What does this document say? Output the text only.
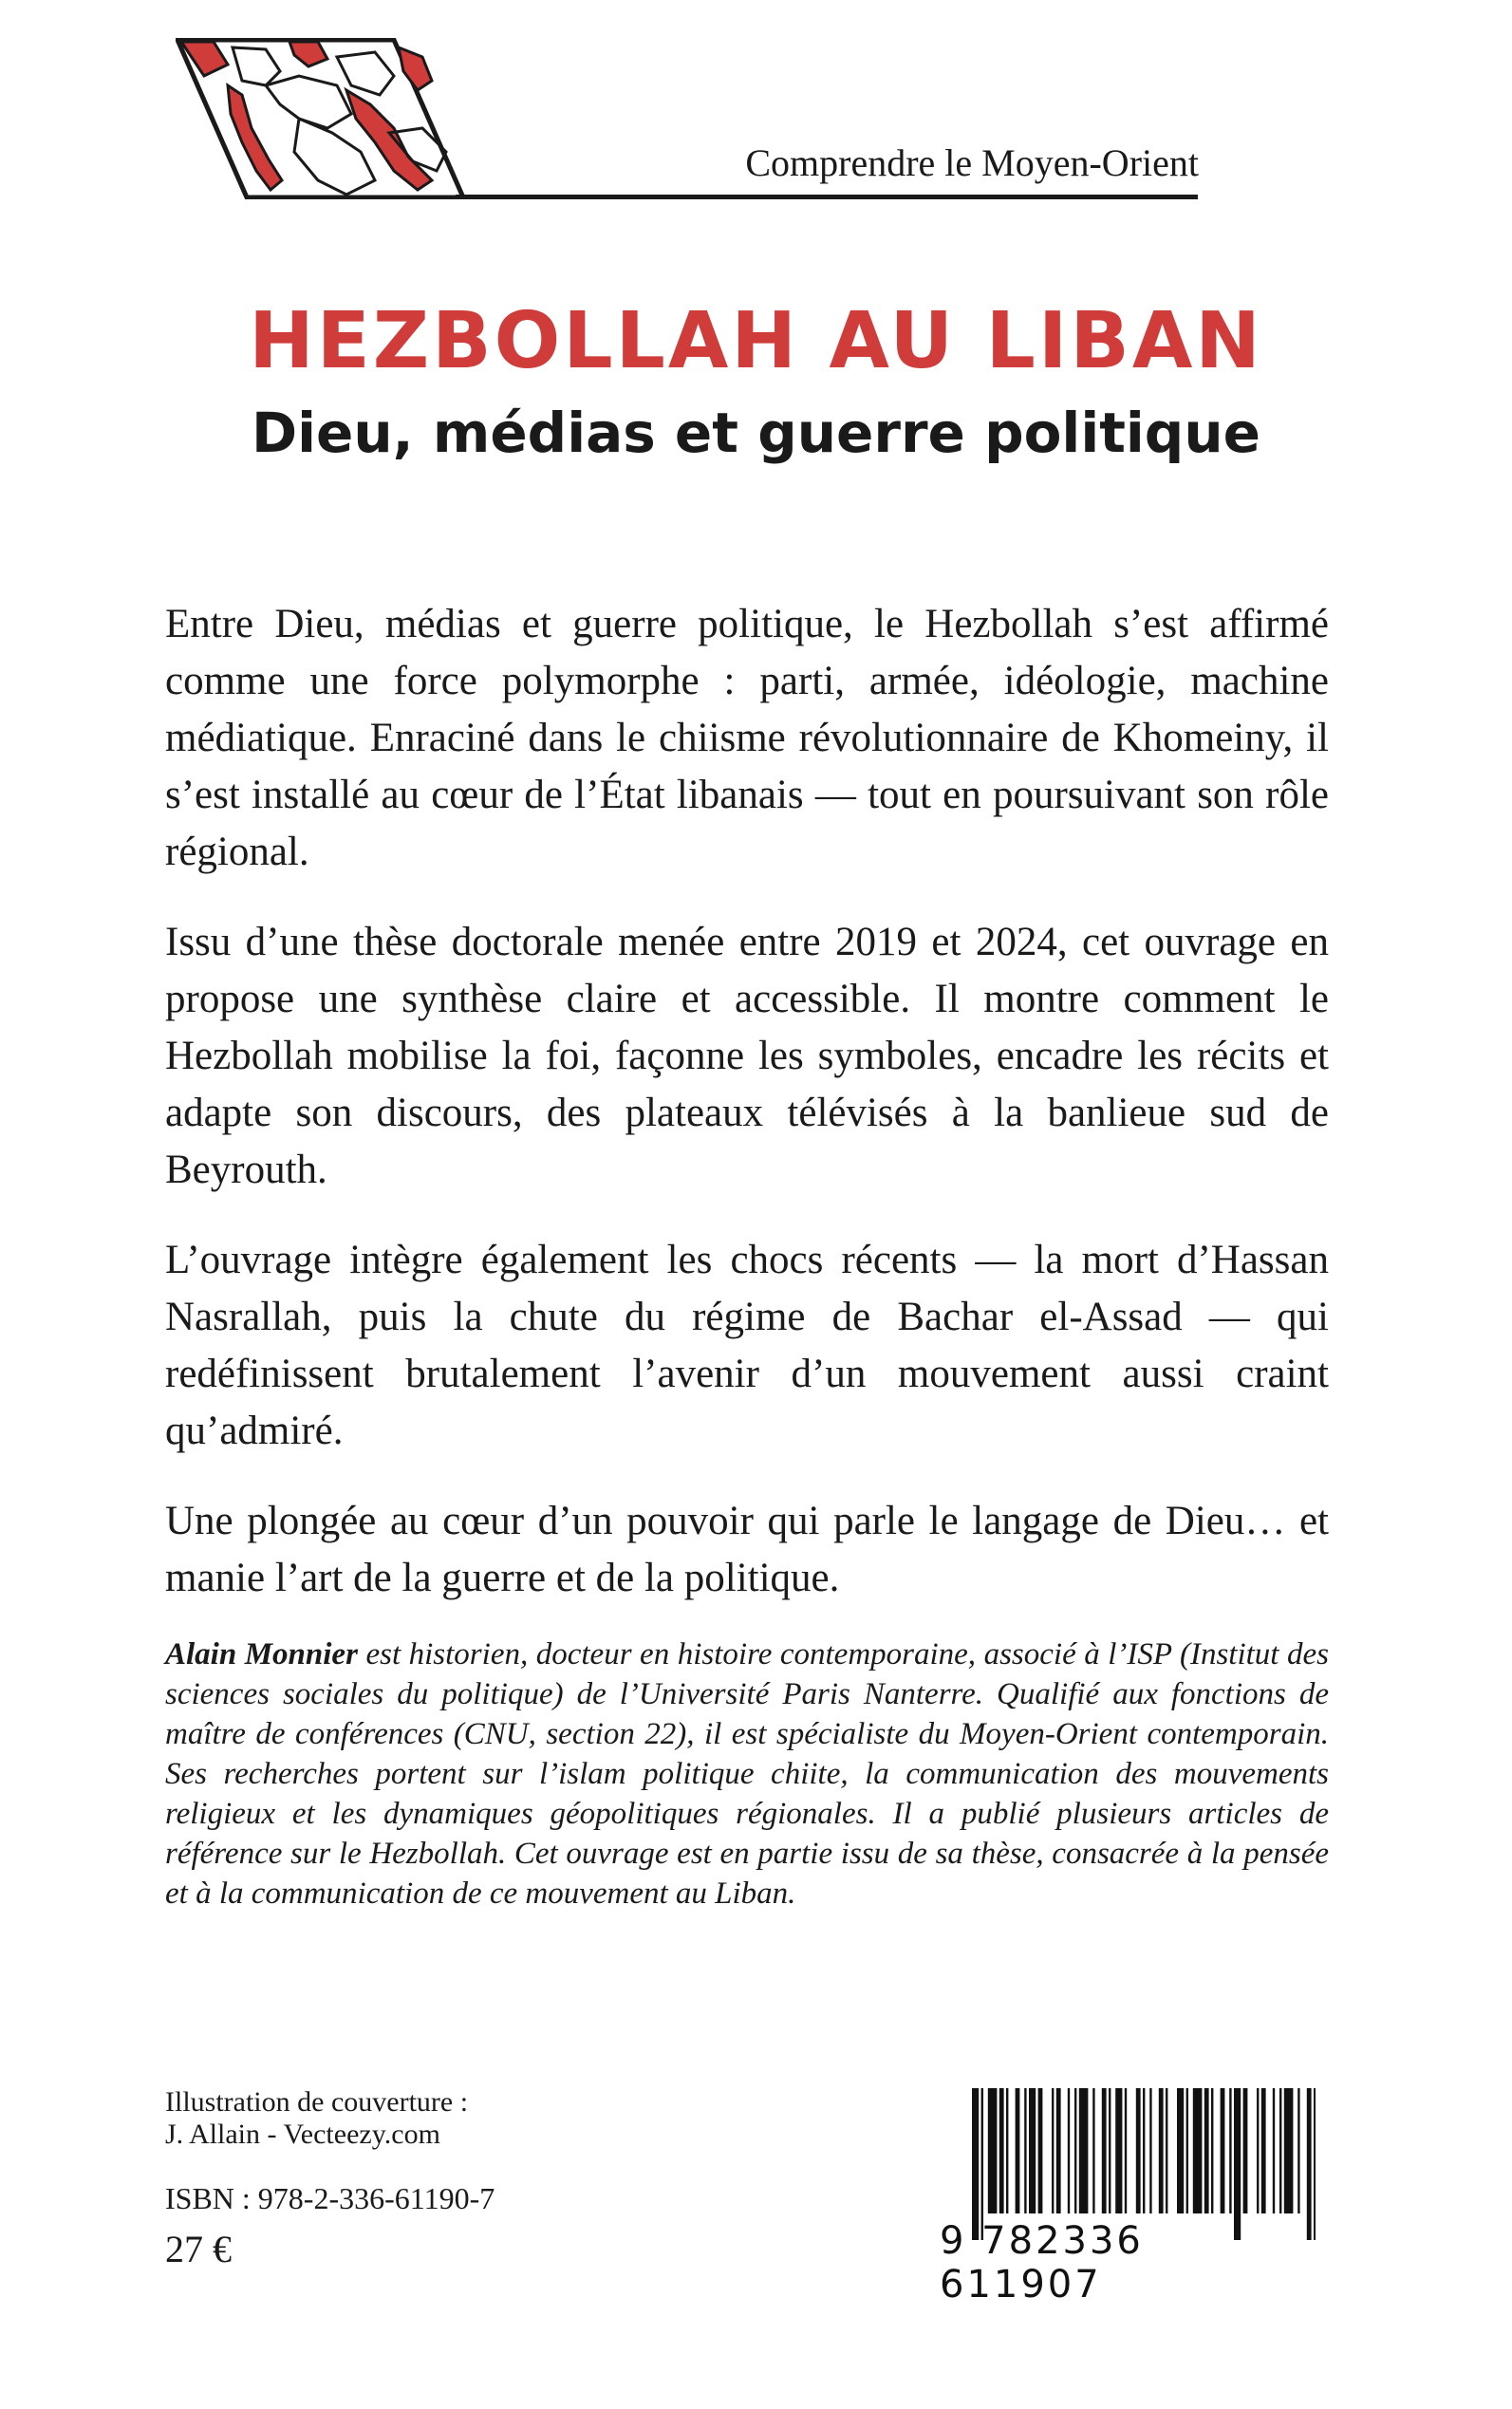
Comprendre le Moyen-Orient
HEZBOLLAH AU LIBAN
Dieu, médias et guerre politique

Entre Dieu, médias et guerre politique, le Hezbollah s’est affirmé comme une force polymorphe : parti, armée, idéologie, machine médiatique. Enraciné dans le chiisme révolutionnaire de Khomeiny, il s’est installé au cœur de l’État libanais — tout en poursuivant son rôle régional.

Issu d’une thèse doctorale menée entre 2019 et 2024, cet ouvrage en propose une synthèse claire et accessible. Il montre comment le Hezbollah mobilise la foi, façonne les symboles, encadre les récits et adapte son discours, des plateaux télévisés à la banlieue sud de Beyrouth.

L’ouvrage intègre également les chocs récents — la mort d’Hassan Nasrallah, puis la chute du régime de Bachar el-Assad — qui redéfinissent brutalement l’avenir d’un mouvement aussi craint qu’admiré.

Une plongée au cœur d’un pouvoir qui parle le langage de Dieu… et manie l’art de la guerre et de la politique.

Alain Monnier est historien, docteur en histoire contemporaine, associé à l’ISP (Institut des sciences sociales du politique) de l’Université Paris Nanterre. Qualifié aux fonctions de maître de conférences (CNU, section 22), il est spécialiste du Moyen-Orient contemporain. Ses recherches portent sur l’islam politique chiite, la communication des mouvements religieux et les dynamiques géopolitiques régionales. Il a publié plusieurs articles de référence sur le Hezbollah. Cet ouvrage est en partie issu de sa thèse, consacrée à la pensée et à la communication de ce mouvement au Liban.

Illustration de couverture :
J. Allain - Vecteezy.com
ISBN : 978-2-336-61190-7
27 €	9 782336 611907
